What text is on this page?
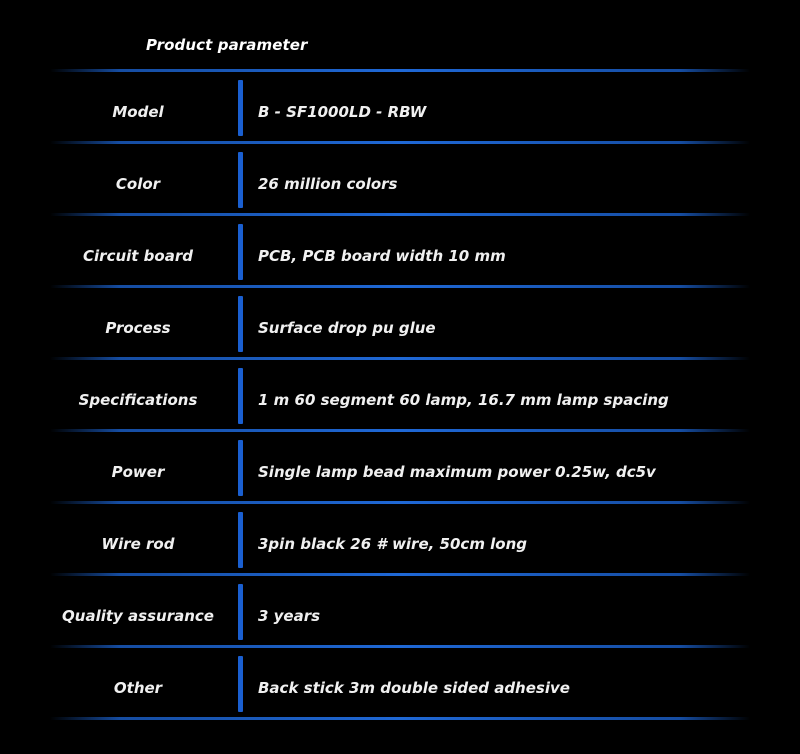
Product parameter
Model	B - SF1000LD - RBW
Color	26 million colors
Circuit board	PCB, PCB board width 10 mm
Process	Surface drop pu glue
Specifications	1 m 60 segment 60 lamp, 16.7 mm lamp spacing
Power	Single lamp bead maximum power 0.25w, dc5v
Wire rod	3pin black 26 # wire, 50cm long
Quality assurance	3 years
Other	Back stick 3m double sided adhesive
